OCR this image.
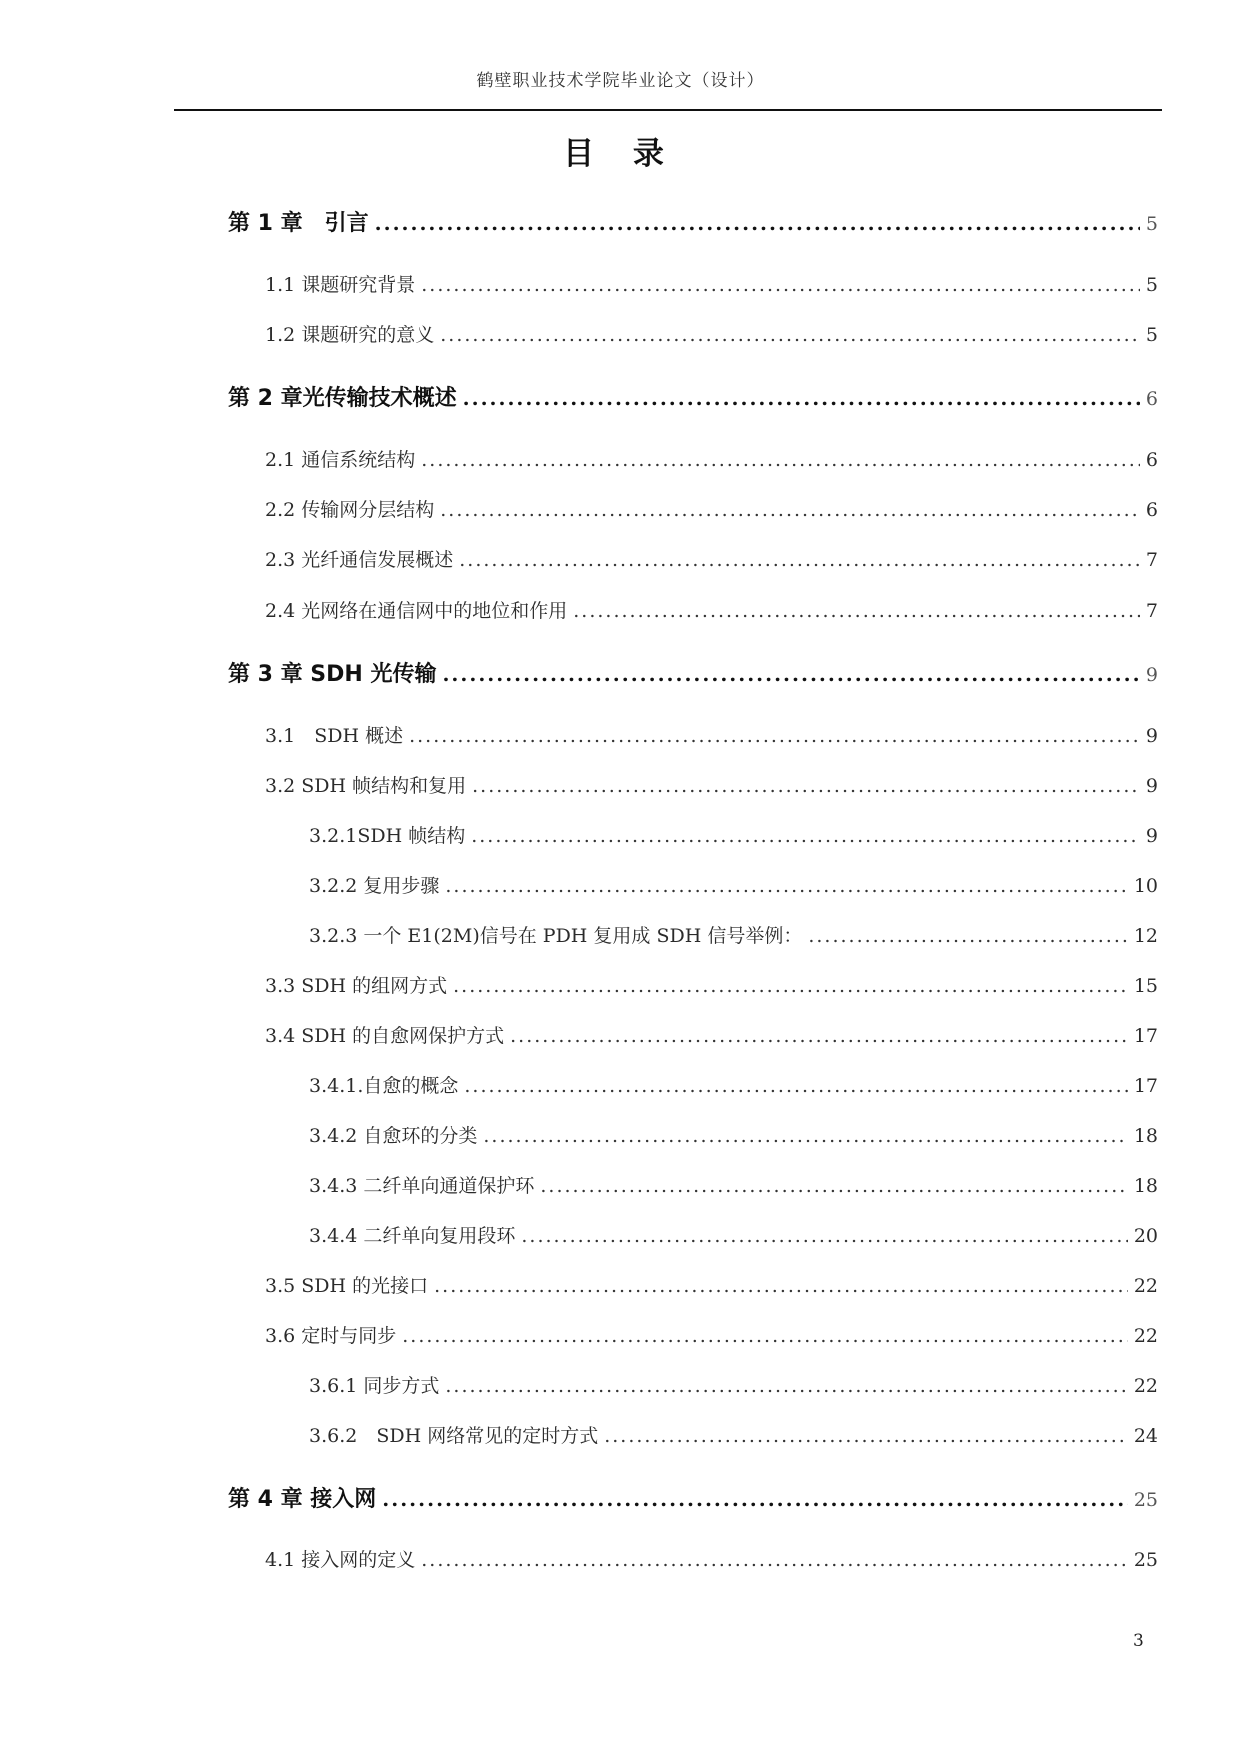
鹤壁职业技术学院毕业论文（设计）
目 录
第 1 章　引言 .....	5
1.1 课题研究背景 .....	5
1.2 课题研究的意义 .....	5
第 2 章光传输技术概述 .....	6
2.1 通信系统结构 .....	6
2.2 传输网分层结构 .....	6
2.3 光纤通信发展概述 .....	7
2.4 光网络在通信网中的地位和作用 .....	7
第 3 章 SDH 光传输 .....	9
3.1　SDH 概述 .....	9
3.2 SDH 帧结构和复用 .....	9
3.2.1SDH 帧结构 .....	9
3.2.2 复用步骤 .....	10
3.2.3 一个 E1(2M)信号在 PDH 复用成 SDH 信号举例： .....	12
3.3 SDH 的组网方式 .....	15
3.4 SDH 的自愈网保护方式 .....	17
3.4.1.自愈的概念 .....	17
3.4.2 自愈环的分类 .....	18
3.4.3 二纤单向通道保护环 .....	18
3.4.4 二纤单向复用段环 .....	20
3.5 SDH 的光接口 .....	22
3.6 定时与同步 .....	22
3.6.1 同步方式 .....	22
3.6.2　SDH 网络常见的定时方式 .....	24
第 4 章 接入网 .....	25
4.1 接入网的定义 .....	25
3
